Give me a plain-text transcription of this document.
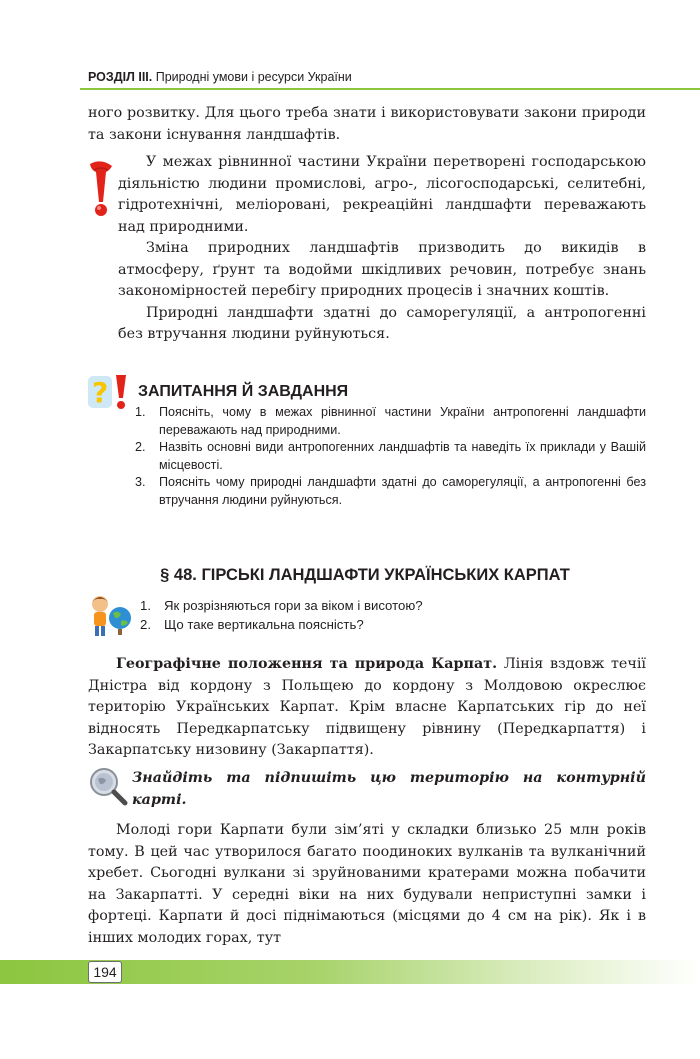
РОЗДІЛ ІІІ. Природні умови і ресурси України

ного розвитку. Для цього треба знати і використовувати закони природи та закони існування ландшафтів.

У межах рівнинної частини України перетворені господарською діяльністю людини промислові, агро-, лісогосподарські, селитебні, гідротехнічні, меліоровані, рекреаційні ландшафти переважають над природними.

Зміна природних ландшафтів призводить до викидів в атмосферу, ґрунт та водойми шкідливих речовин, потребує знань закономірностей перебігу природних процесів і значних коштів.

Природні ландшафти здатні до саморегуляції, а антропогенні без втручання людини руйнуються.

? ЗАПИТАННЯ Й ЗАВДАННЯ
1. Поясніть, чому в межах рівнинної частини України антропогенні ландшафти переважають над природними.
2. Назвіть основні види антропогенних ландшафтів та наведіть їх приклади у Вашій місцевості.
3. Поясніть чому природні ландшафти здатні до саморегуляції, а антропогенні без втручання людини руйнуються.
§ 48. ГІРСЬКІ ЛАНДШАФТИ УКРАЇНСЬКИХ КАРПАТ
1. Як розрізняються гори за віком і висотою?
2. Що таке вертикальна поясність?

Географічне положення та природа Карпат. Лінія вздовж течії Дністра від кордону з Польщею до кордону з Молдовою окреслює територію Українських Карпат. Крім власне Карпатських гір до неї відносять Передкарпатську підвищену рівнину (Передкарпаття) і Закарпатську низовину (Закарпаття).

Знайдіть та підпишіть цю територію на контурній карті.

Молоді гори Карпати були зім’яті у складки близько 25 млн років тому. В цей час утворилося багато поодиноких вулканів та вулканічний хребет. Сьогодні вулкани зі зруйнованими кратерами можна побачити на Закарпатті. У середні віки на них будували неприступні замки і фортеці. Карпати й досі піднімаються (місцями до 4 см на рік). Як і в інших молодих горах, тут

194
